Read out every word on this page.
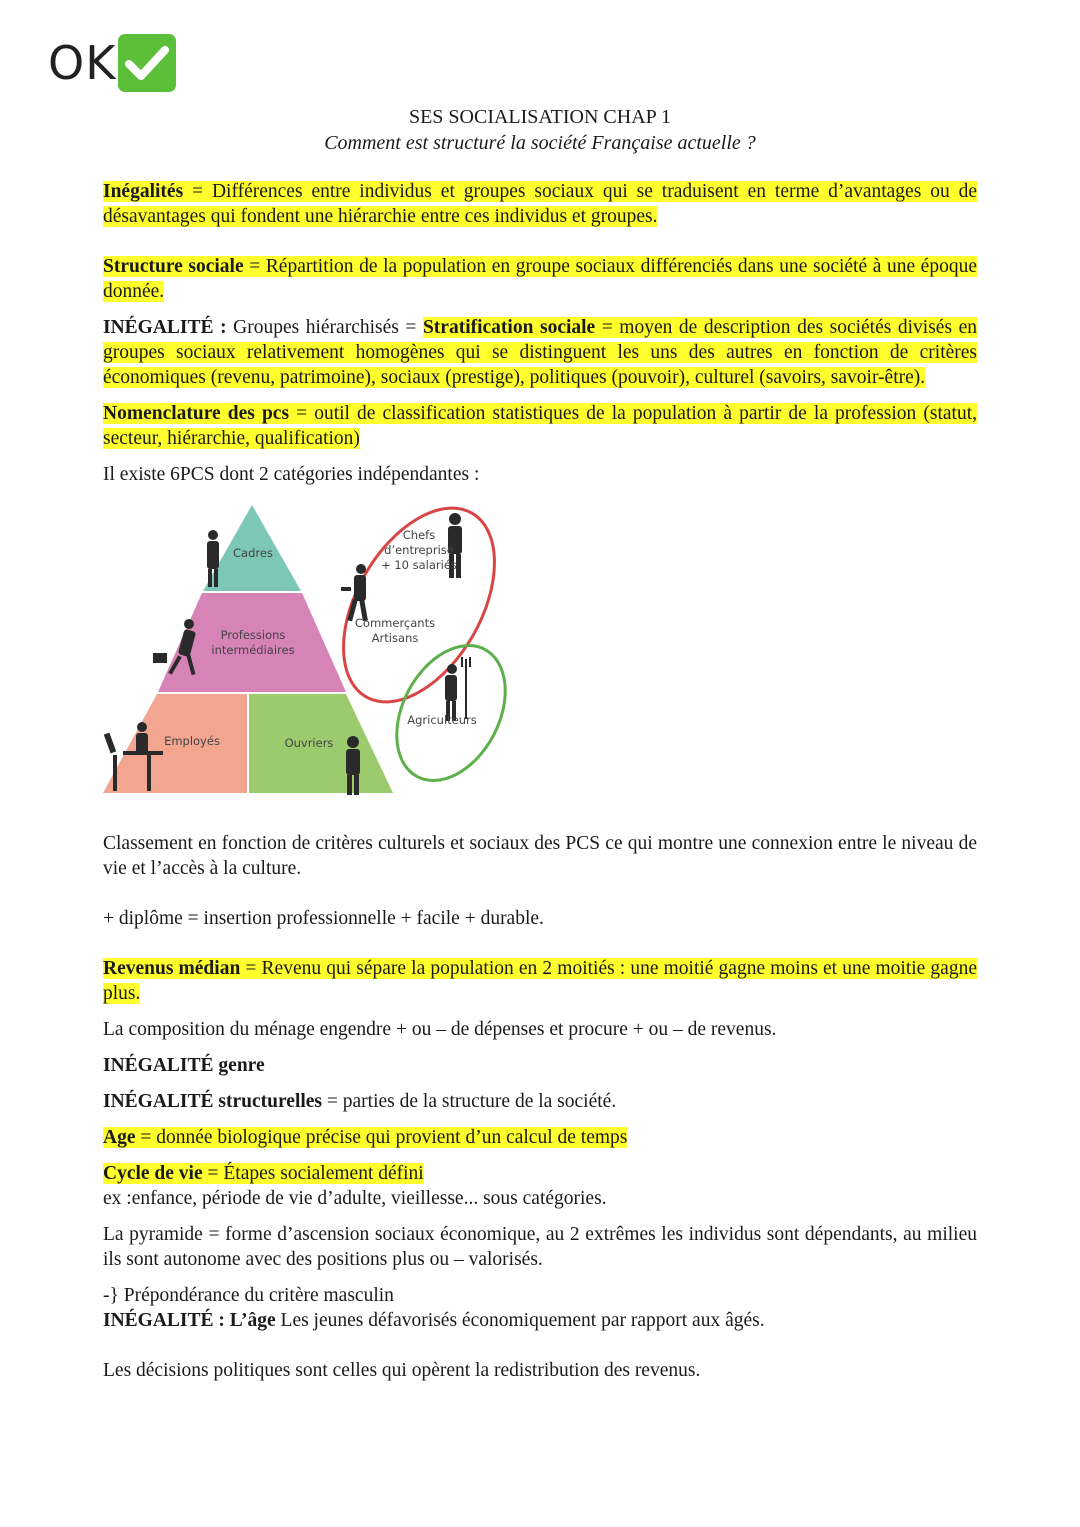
OK
SES SOCIALISATION CHAP 1
Comment est structuré la société Française actuelle ?

Inégalités = Différences entre individus et groupes sociaux qui se traduisent en terme d’avantages ou de désavantages qui fondent une hiérarchie entre ces individus et groupes.

Structure sociale = Répartition de la population en groupe sociaux différenciés dans une société à une époque donnée.

INÉGALITÉ : Groupes hiérarchisés = Stratification sociale = moyen de description des sociétés divisés en groupes sociaux relativement homogènes qui se distinguent les uns des autres en fonction de critères économiques (revenu, patrimoine), sociaux (prestige), politiques (pouvoir), culturel (savoirs, savoir-être).

Nomenclature des pcs = outil de classification statistiques de la population à partir de la profession (statut, secteur, hiérarchie, qualification)

Il existe 6PCS dont 2 catégories indépendantes :

Cadres
Professions
intermédiaires
Employés	Ouvriers
Chefs
d’entreprise
+ 10 salariés
Commerçants
Artisans
Agriculteurs

Classement en fonction de critères culturels et sociaux des PCS ce qui montre une connexion entre le niveau de vie et l’accès à la culture.

+ diplôme = insertion professionnelle + facile + durable.

Revenus médian = Revenu qui sépare la population en 2 moitiés : une moitié gagne moins et une moitie gagne plus.

La composition du ménage engendre + ou – de dépenses et procure + ou – de revenus.

INÉGALITÉ genre

INÉGALITÉ structurelles = parties de la structure de la société.

Age = donnée biologique précise qui provient d’un calcul de temps

Cycle de vie = Étapes socialement défini
ex :enfance, période de vie d’adulte, vieillesse... sous catégories.

La pyramide = forme d’ascension sociaux économique, au 2 extrêmes les individus sont dépendants, au milieu ils sont autonome avec des positions plus ou – valorisés.

-} Prépondérance du critère masculin
INÉGALITÉ : L’âge Les jeunes défavorisés économiquement par rapport aux âgés.

Les décisions politiques sont celles qui opèrent la redistribution des revenus.
